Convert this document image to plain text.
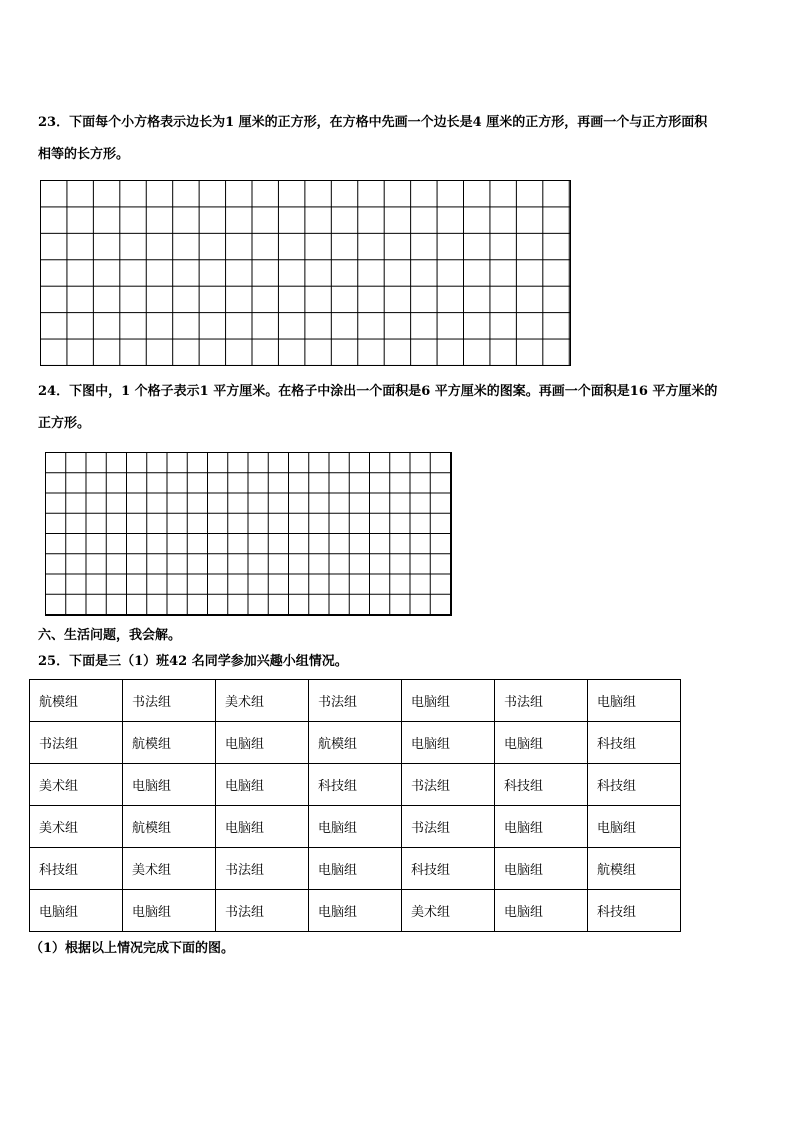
23．下面每个小方格表示边长为1 厘米的正方形，在方格中先画一个边长是4 厘米的正方形，再画一个与正方形面积
相等的长方形。
24．下图中，1 个格子表示1 平方厘米。在格子中涂出一个面积是6 平方厘米的图案。再画一个面积是16 平方厘米的
正方形。
六、生活问题，我会解。
25．下面是三（1）班42 名同学参加兴趣小组情况。
航模组	书法组	美术组	书法组	电脑组	书法组	电脑组
书法组	航模组	电脑组	航模组	电脑组	电脑组	科技组
美术组	电脑组	电脑组	科技组	书法组	科技组	科技组
美术组	航模组	电脑组	电脑组	书法组	电脑组	电脑组
科技组	美术组	书法组	电脑组	科技组	电脑组	航模组
电脑组	电脑组	书法组	电脑组	美术组	电脑组	科技组
（1）根据以上情况完成下面的图。
